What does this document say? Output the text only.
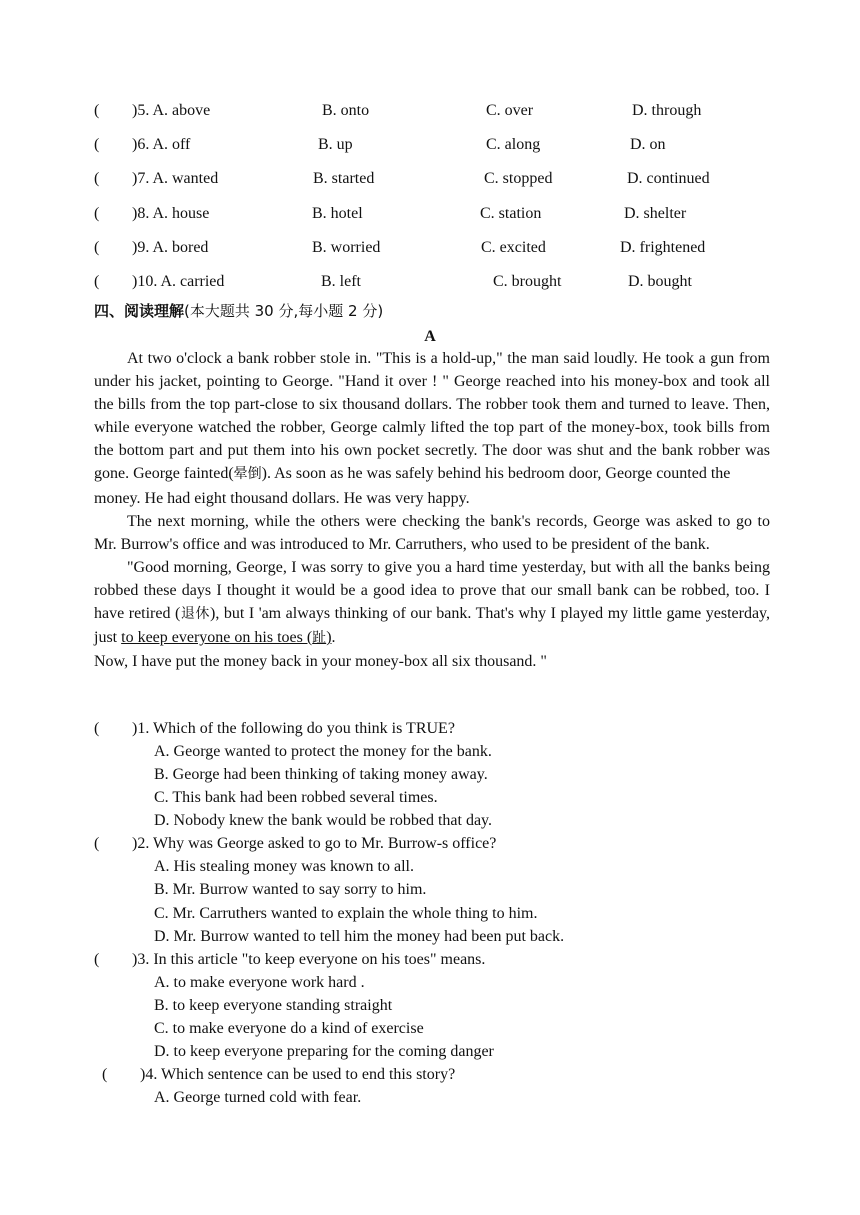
( )5. A. above	B. onto	C. over	D. through
( )6. A. off	B. up	C. along	D. on
( )7. A. wanted	B. started	C. stopped	D. continued
( )8. A. house	B. hotel	C. station	D. shelter
( )9. A. bored	B. worried	C. excited	D. frightened
( )10. A. carried	B. left	C. brought	D. bought
四、阅读理解(本大题共 30 分,每小题 2 分)
A

At two o'clock a bank robber stole in. "This is a hold-up," the man said loudly. He took a gun from under his jacket, pointing to George. "Hand it over ! " George reached into his money-box and took all the bills from the top part-close to six thousand dollars. The robber took them and turned to leave. Then, while everyone watched the robber, George calmly lifted the top part of the money-box, took bills from the bottom part and put them into his own pocket secretly. The door was shut and the bank robber was gone. George fainted(晕倒). As soon as he was safely behind his bedroom door, George counted the

money. He had eight thousand dollars. He was very happy.

The next morning, while the others were checking the bank's records, George was asked to go to Mr. Burrow's office and was introduced to Mr. Carruthers, who used to be president of the bank.

"Good morning, George, I was sorry to give you a hard time yesterday, but with all the banks being robbed these days I thought it would be a good idea to prove that our small bank can be robbed, too. I have retired (退休), but I 'am always thinking of our bank. That's why I played my little game yesterday, just to keep everyone on his toes (趾).

Now, I have put the money back in your money-box all six thousand. "

( )1. Which of the following do you think is TRUE?
A. George wanted to protect the money for the bank.
B. George had been thinking of taking money away.
C. This bank had been robbed several times.
D. Nobody knew the bank would be robbed that day.
( )2. Why was George asked to go to Mr. Burrow-s office?
A. His stealing money was known to all.
B. Mr. Burrow wanted to say sorry to him.
C. Mr. Carruthers wanted to explain the whole thing to him.
D. Mr. Burrow wanted to tell him the money had been put back.
( )3. In this article "to keep everyone on his toes" means.
A. to make everyone work hard .
B. to keep everyone standing straight
C. to make everyone do a kind of exercise
D. to keep everyone preparing for the coming danger
( )4. Which sentence can be used to end this story?
A. George turned cold with fear.
